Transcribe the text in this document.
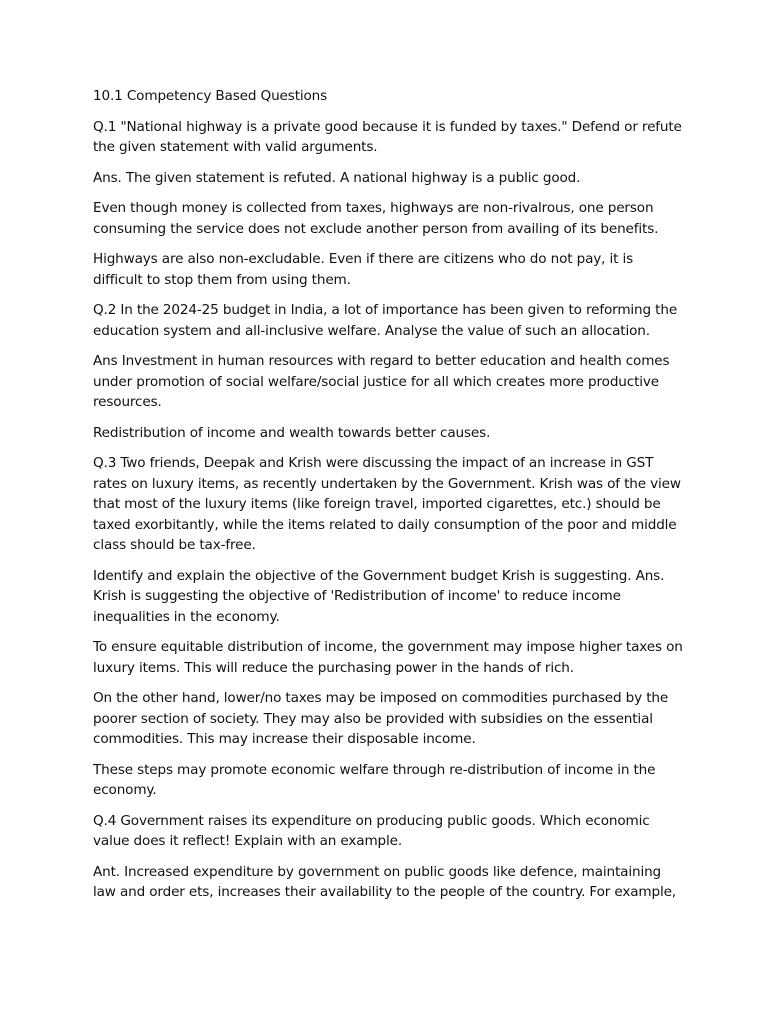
10.1 Competency Based Questions

Q.1 "National highway is a private good because it is funded by taxes." Defend or refute the given statement with valid arguments.

Ans. The given statement is refuted. A national highway is a public good.

Even though money is collected from taxes, highways are non-rivalrous, one person consuming the service does not exclude another person from availing of its benefits.

Highways are also non-excludable. Even if there are citizens who do not pay, it is difficult to stop them from using them.

Q.2 In the 2024-25 budget in India, a lot of importance has been given to reforming the education system and all-inclusive welfare. Analyse the value of such an allocation.

Ans Investment in human resources with regard to better education and health comes under promotion of social welfare/social justice for all which creates more productive resources.

Redistribution of income and wealth towards better causes.

Q.3 Two friends, Deepak and Krish were discussing the impact of an increase in GST rates on luxury items, as recently undertaken by the Government. Krish was of the view that most of the luxury items (like foreign travel, imported cigarettes, etc.) should be taxed exorbitantly, while the items related to daily consumption of the poor and middle class should be tax-free.

Identify and explain the objective of the Government budget Krish is suggesting. Ans. Krish is suggesting the objective of 'Redistribution of income' to reduce income inequalities in the economy.

To ensure equitable distribution of income, the government may impose higher taxes on luxury items. This will reduce the purchasing power in the hands of rich.

On the other hand, lower/no taxes may be imposed on commodities purchased by the poorer section of society. They may also be provided with subsidies on the essential commodities. This may increase their disposable income.

These steps may promote economic welfare through re-distribution of income in the economy.

Q.4 Government raises its expenditure on producing public goods. Which economic value does it reflect! Explain with an example.

Ant. Increased expenditure by government on public goods like defence, maintaining law and order ets, increases their availability to the people of the country. For example,
